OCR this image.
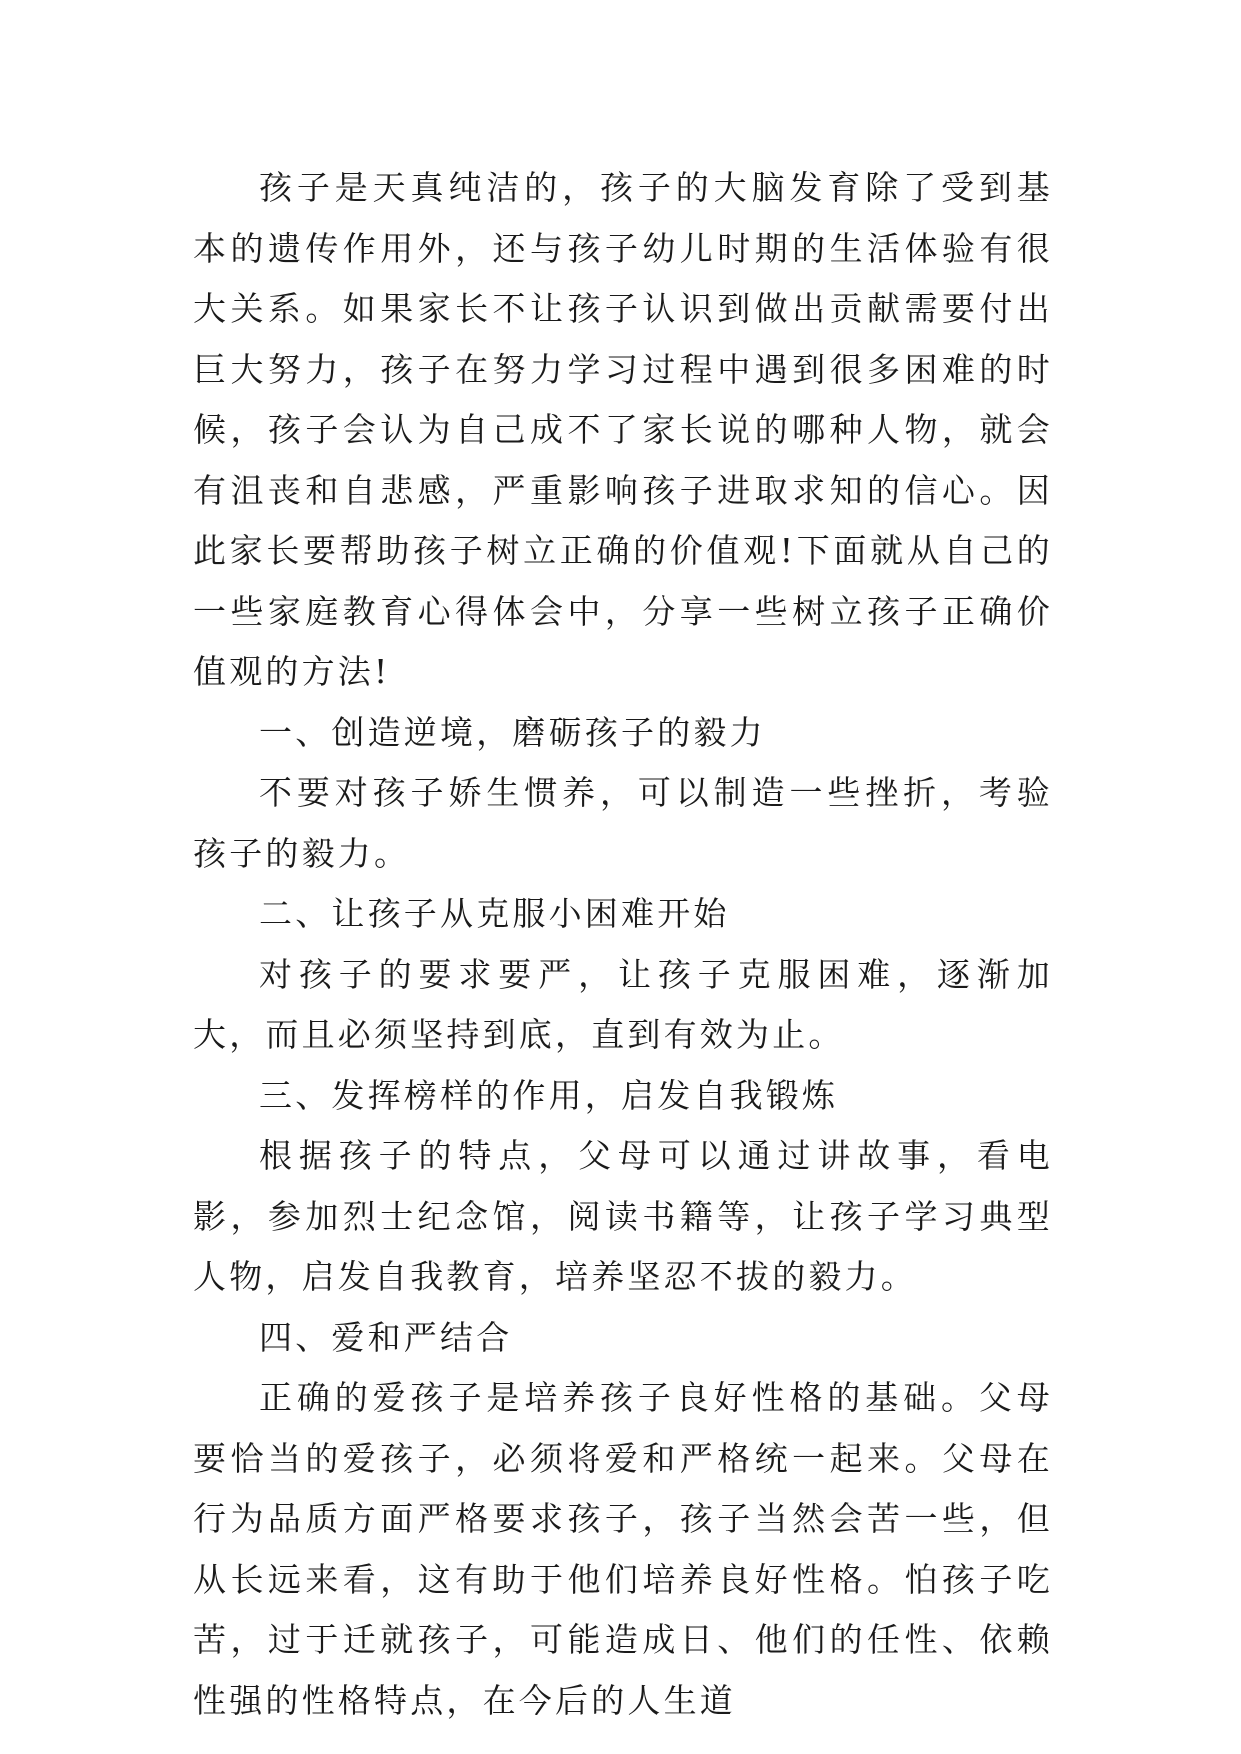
孩子是天真纯洁的，孩子的大脑发育除了受到基本的遗传作用外，还与孩子幼儿时期的生活体验有很大关系。如果家长不让孩子认识到做出贡献需要付出巨大努力，孩子在努力学习过程中遇到很多困难的时候，孩子会认为自己成不了家长说的哪种人物，就会有沮丧和自悲感，严重影响孩子进取求知的信心。因此家长要帮助孩子树立正确的价值观!下面就从自己的一些家庭教育心得体会中，分享一些树立孩子正确价值观的方法!

一、创造逆境，磨砺孩子的毅力

不要对孩子娇生惯养，可以制造一些挫折，考验孩子的毅力。

二、让孩子从克服小困难开始

对孩子的要求要严，让孩子克服困难，逐渐加大，而且必须坚持到底，直到有效为止。

三、发挥榜样的作用，启发自我锻炼

根据孩子的特点，父母可以通过讲故事，看电影，参加烈士纪念馆，阅读书籍等，让孩子学习典型人物，启发自我教育，培养坚忍不拔的毅力。

四、爱和严结合

正确的爱孩子是培养孩子良好性格的基础。父母要恰当的爱孩子，必须将爱和严格统一起来。父母在行为品质方面严格要求孩子，孩子当然会苦一些，但从长远来看，这有助于他们培养良好性格。怕孩子吃苦，过于迁就孩子，可能造成日、他们的任性、依赖性强的性格特点，在今后的人生道
